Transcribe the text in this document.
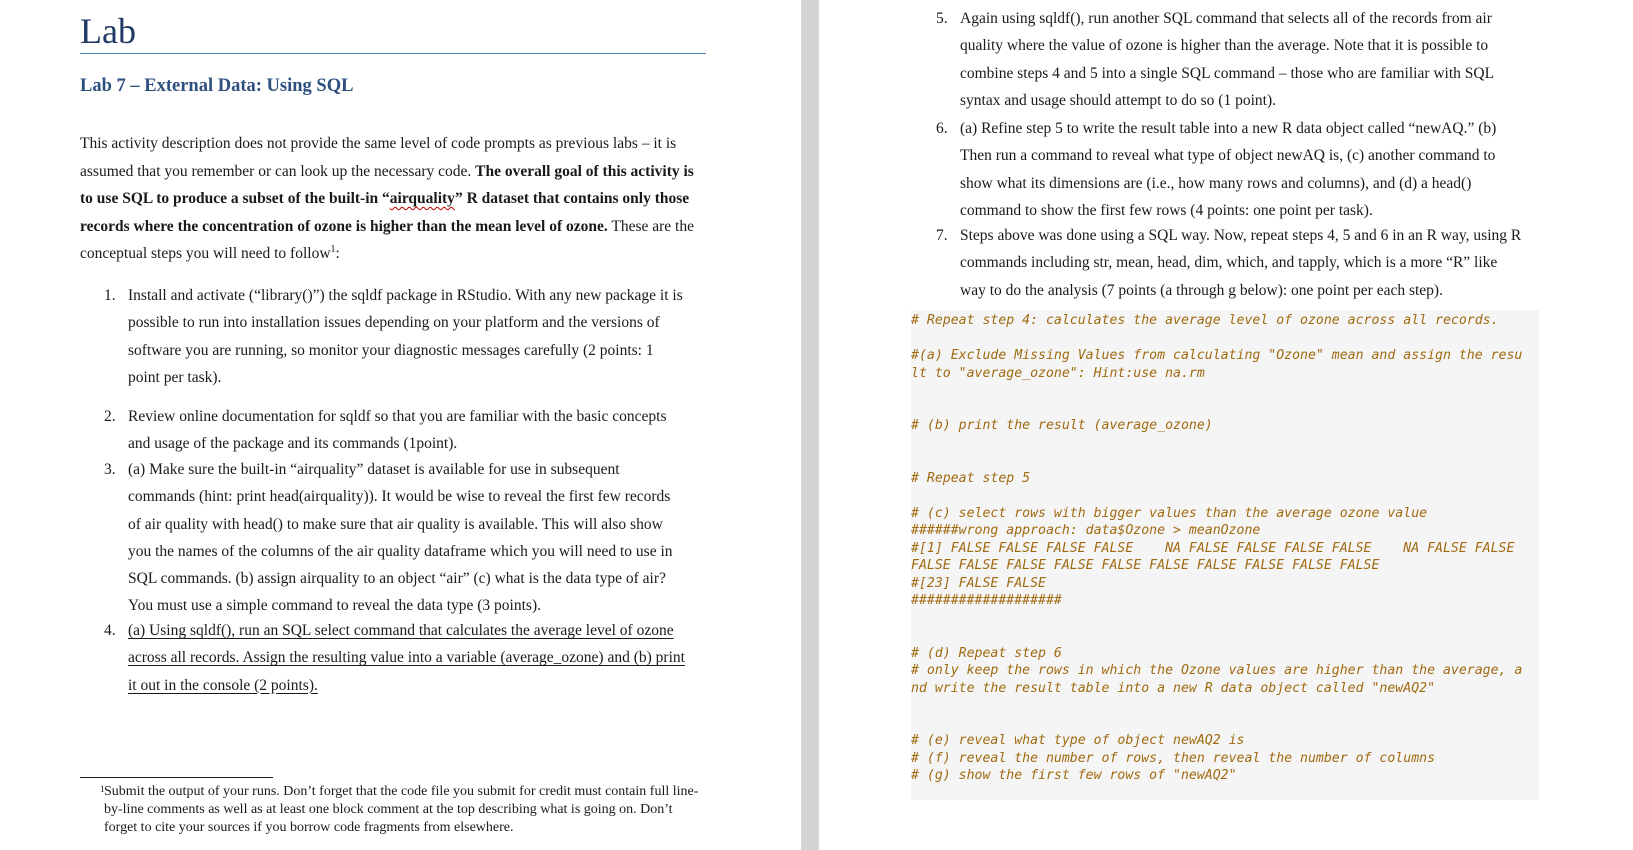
Lab
Lab 7 – External Data: Using SQL

This activity description does not provide the same level of code prompts as previous labs – it is assumed that you remember or can look up the necessary code. The overall goal of this activity is to use SQL to produce a subset of the built-in “airquality” R dataset that contains only those records where the concentration of ozone is higher than the mean level of ozone. These are the conceptual steps you will need to follow$^1$:

1. Install and activate (“library()”) the sqldf package in RStudio. With any new package it is
possible to run into installation issues depending on your platform and the versions of
software you are running, so monitor your diagnostic messages carefully (2 points: 1
point per task).
2. Review online documentation for sqldf so that you are familiar with the basic concepts
and usage of the package and its commands (1point).
3. (a) Make sure the built-in “airquality” dataset is available for use in subsequent
commands (hint: print head(airquality)). It would be wise to reveal the first few records
of air quality with head() to make sure that air quality is available. This will also show
you the names of the columns of the air quality dataframe which you will need to use in
SQL commands. (b) assign airquality to an object “air” (c) what is the data type of air?
You must use a simple command to reveal the data type (3 points).
4. (a) Using sqldf(), run an SQL select command that calculates the average level of ozone
across all records. Assign the resulting value into a variable (average_ozone) and (b) print
it out in the console (2 points).

1 Submit the output of your runs. Don’t forget that the code file you submit for credit must contain full line-by-line comments as well as at least one block comment at the top describing what is going on. Don’t forget to cite your sources if you borrow code fragments from elsewhere.

5. Again using sqldf(), run another SQL command that selects all of the records from air
quality where the value of ozone is higher than the average. Note that it is possible to
combine steps 4 and 5 into a single SQL command – those who are familiar with SQL
syntax and usage should attempt to do so (1 point).
6. (a) Refine step 5 to write the result table into a new R data object called “newAQ.” (b)
Then run a command to reveal what type of object newAQ is, (c) another command to
show what its dimensions are (i.e., how many rows and columns), and (d) a head()
command to show the first few rows (4 points: one point per task).
7. Steps above was done using a SQL way. Now, repeat steps 4, 5 and 6 in an R way, using R
commands including str, mean, head, dim, which, and tapply, which is a more “R” like
way to do the analysis (7 points (a through g below): one point per each step).
# Repeat step 4: calculates the average level of ozone across all records.
#(a) Exclude Missing Values from calculating "Ozone" mean and assign the resu
lt to "average_ozone": Hint:use na.rm
# (b) print the result (average_ozone)
# Repeat step 5
# (c) select rows with bigger values than the average ozone value
######wrong approach: data$Ozone > meanOzone
#[1] FALSE FALSE FALSE FALSE    NA FALSE FALSE FALSE FALSE    NA FALSE FALSE
FALSE FALSE FALSE FALSE FALSE FALSE FALSE FALSE FALSE FALSE
#[23] FALSE FALSE
###################
# (d) Repeat step 6
# only keep the rows in which the Ozone values are higher than the average, a
nd write the result table into a new R data object called "newAQ2"
# (e) reveal what type of object newAQ2 is
# (f) reveal the number of rows, then reveal the number of columns
# (g) show the first few rows of "newAQ2"
